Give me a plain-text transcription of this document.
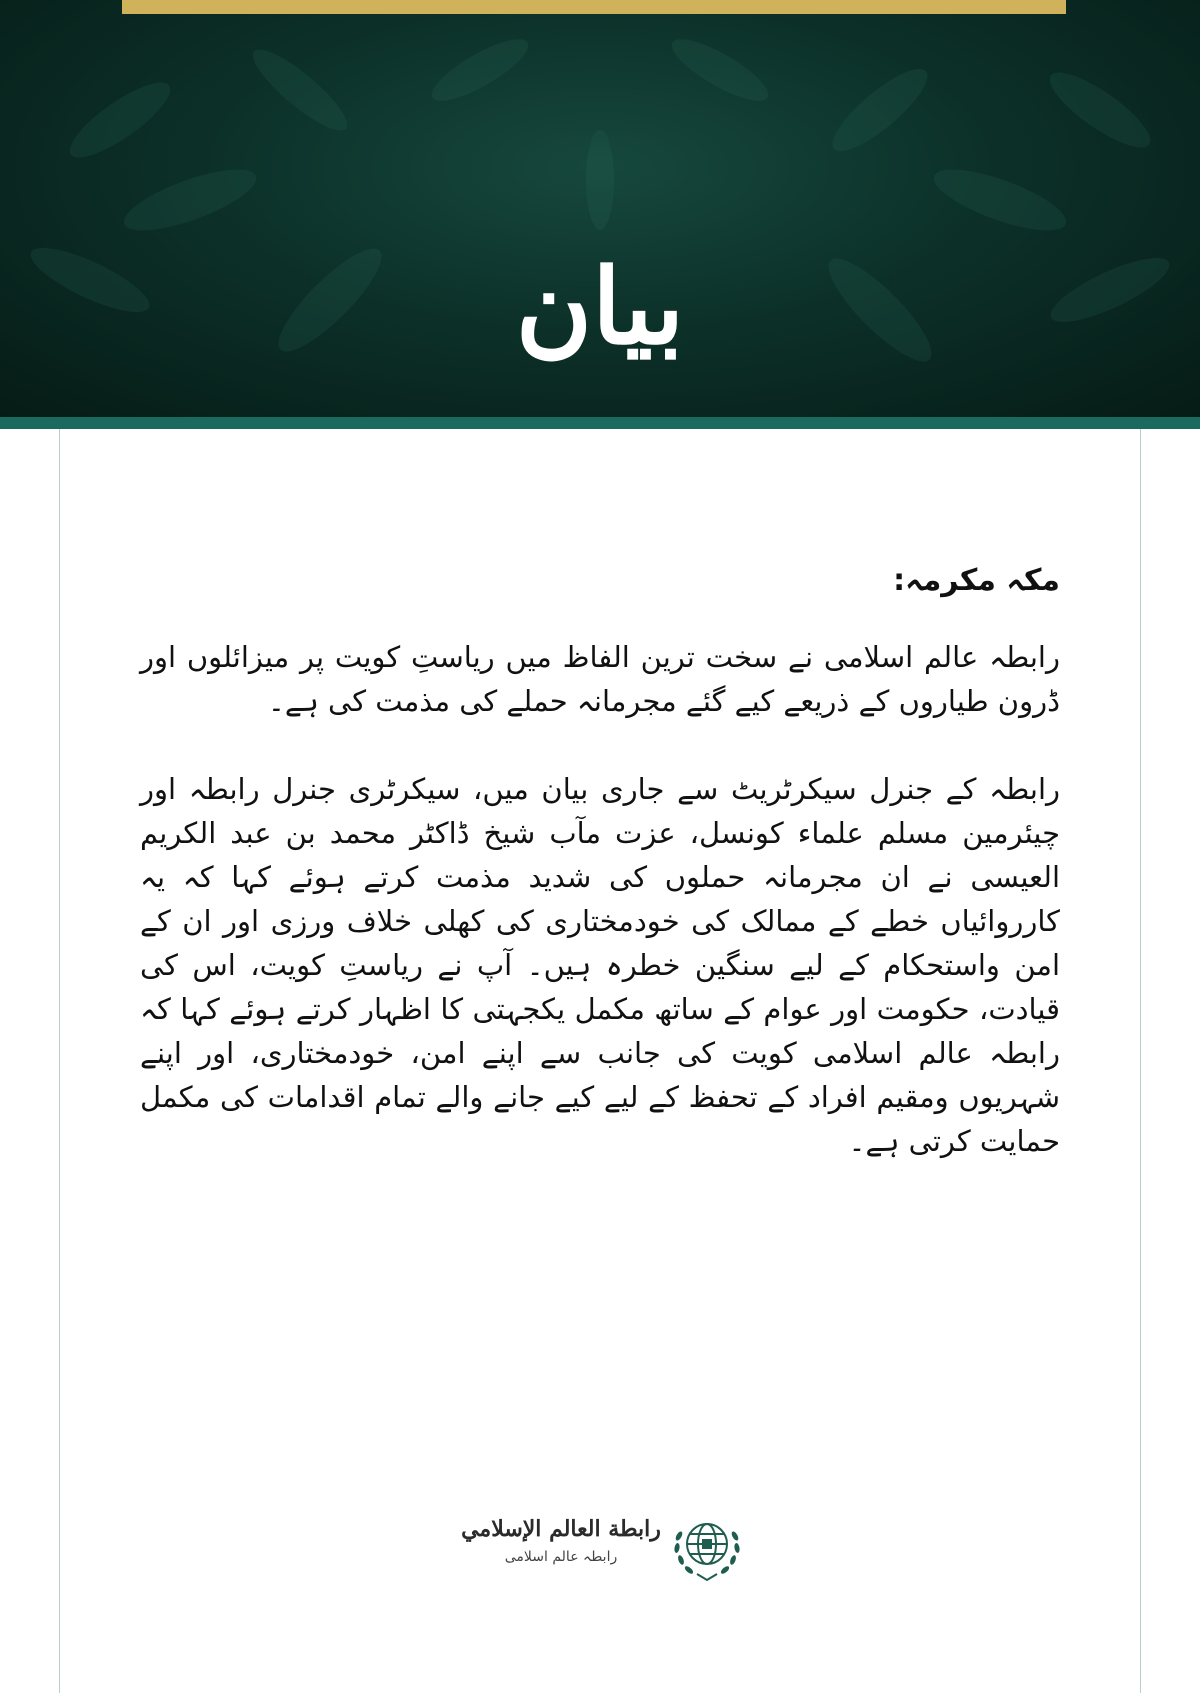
بیان

مکہ مکرمہ:

رابطہ عالم اسلامی نے سخت ترین الفاظ میں ریاستِ کویت پر میزائلوں اور ڈرون طیاروں کے ذریعے کیے گئے مجرمانہ حملے کی مذمت کی ہے۔

رابطہ کے جنرل سیکرٹریٹ سے جاری بیان میں، سیکرٹری جنرل رابطہ اور چیئرمین مسلم علماء کونسل، عزت مآب شیخ ڈاکٹر محمد بن عبد الکریم العیسی نے ان مجرمانہ حملوں کی شدید مذمت کرتے ہوئے کہا کہ یہ کارروائیاں خطے کے ممالک کی خودمختاری کی کھلی خلاف ورزی اور ان کے امن واستحکام کے لیے سنگین خطرہ ہیں۔ آپ نے ریاستِ کویت، اس کی قیادت، حکومت اور عوام کے ساتھ مکمل یکجہتی کا اظہار کرتے ہوئے کہا کہ رابطہ عالم اسلامی کویت کی جانب سے اپنے امن، خودمختاری، اور اپنے شہریوں ومقیم افراد کے تحفظ کے لیے کیے جانے والے تمام اقدامات کی مکمل حمایت کرتی ہے۔

رابطة العالم الإسلامي
رابطہ عالم اسلامی
